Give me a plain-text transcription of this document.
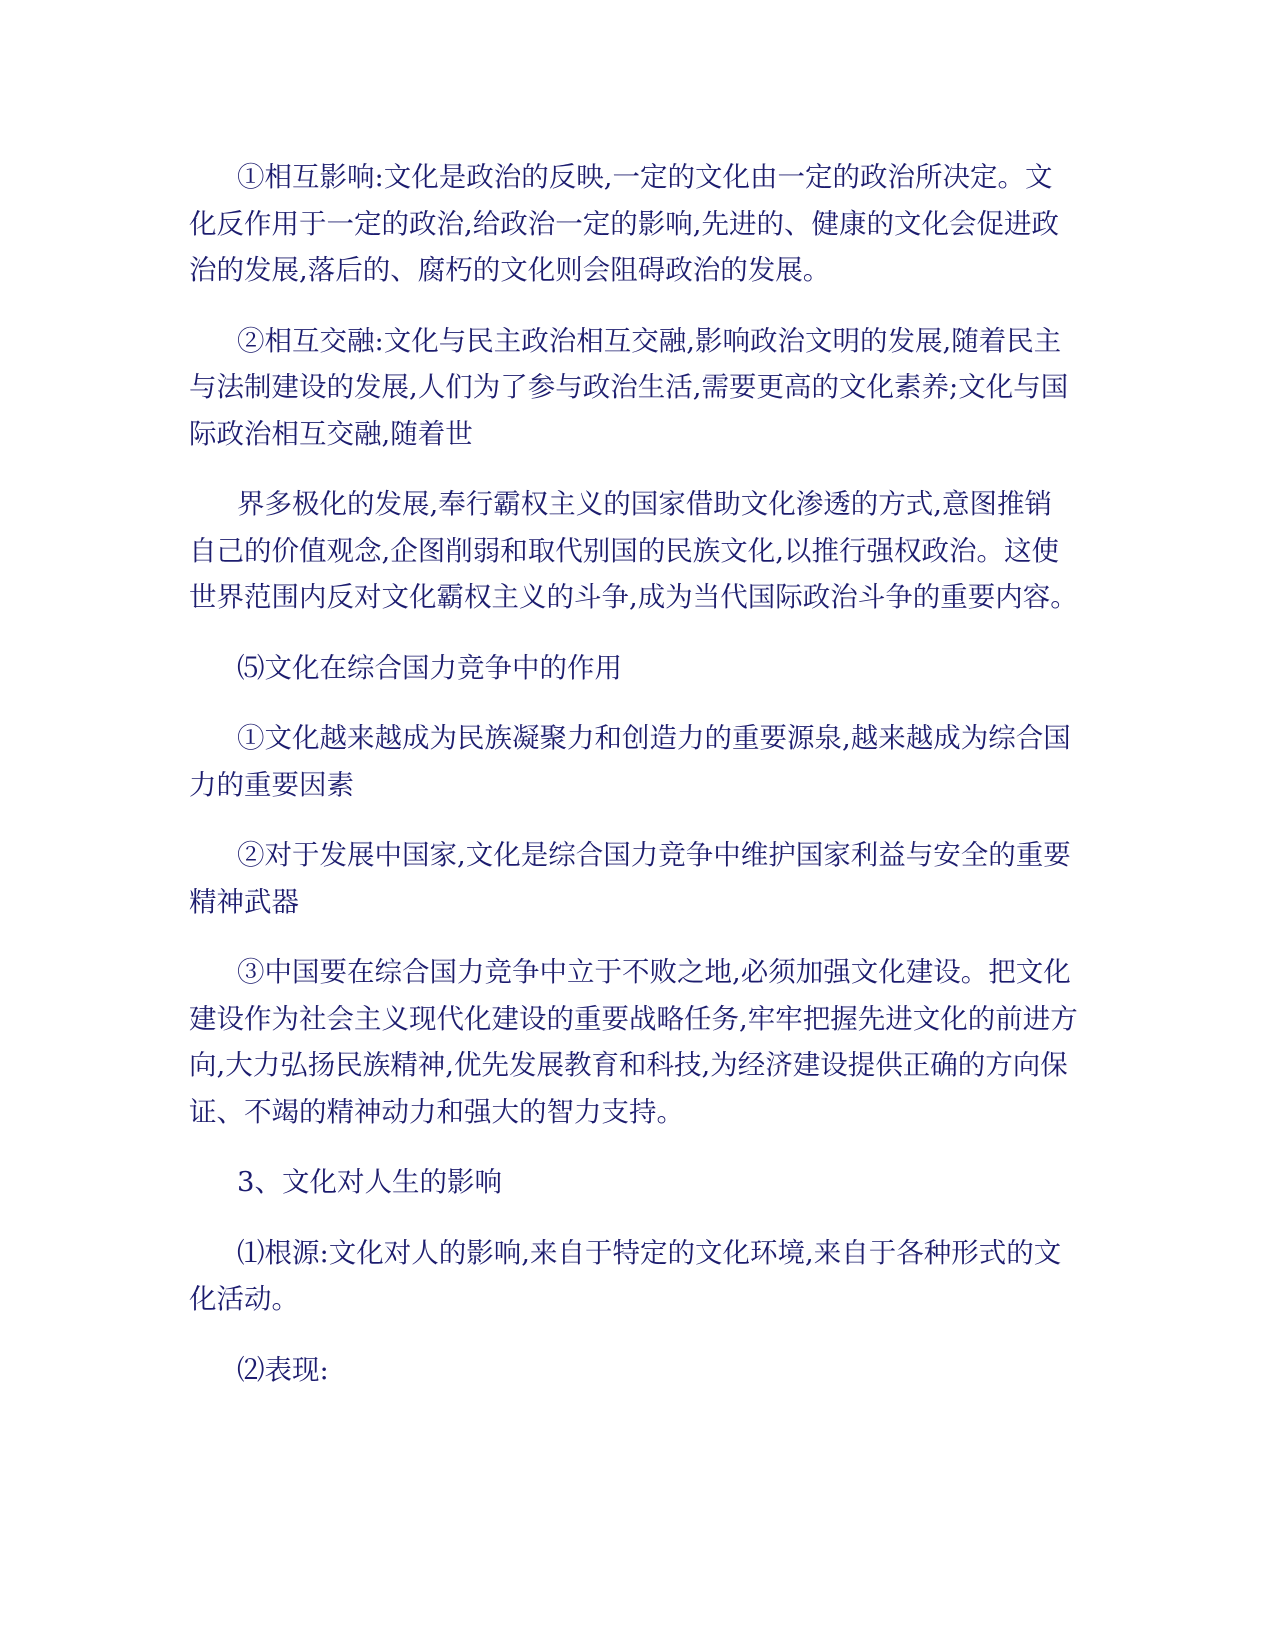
①相互影响:文化是政治的反映,一定的文化由一定的政治所决定。文化反作用于一定的政治,给政治一定的影响,先进的、健康的文化会促进政治的发展,落后的、腐朽的文化则会阻碍政治的发展。

②相互交融:文化与民主政治相互交融,影响政治文明的发展,随着民主与法制建设的发展,人们为了参与政治生活,需要更高的文化素养;文化与国际政治相互交融,随着世

界多极化的发展,奉行霸权主义的国家借助文化渗透的方式,意图推销自己的价值观念,企图削弱和取代别国的民族文化,以推行强权政治。这使世界范围内反对文化霸权主义的斗争,成为当代国际政治斗争的重要内容。

⑸文化在综合国力竞争中的作用

①文化越来越成为民族凝聚力和创造力的重要源泉,越来越成为综合国力的重要因素

②对于发展中国家,文化是综合国力竞争中维护国家利益与安全的重要精神武器

③中国要在综合国力竞争中立于不败之地,必须加强文化建设。把文化建设作为社会主义现代化建设的重要战略任务,牢牢把握先进文化的前进方向,大力弘扬民族精神,优先发展教育和科技,为经济建设提供正确的方向保证、不竭的精神动力和强大的智力支持。

3、文化对人生的影响

⑴根源:文化对人的影响,来自于特定的文化环境,来自于各种形式的文化活动。

⑵表现:
